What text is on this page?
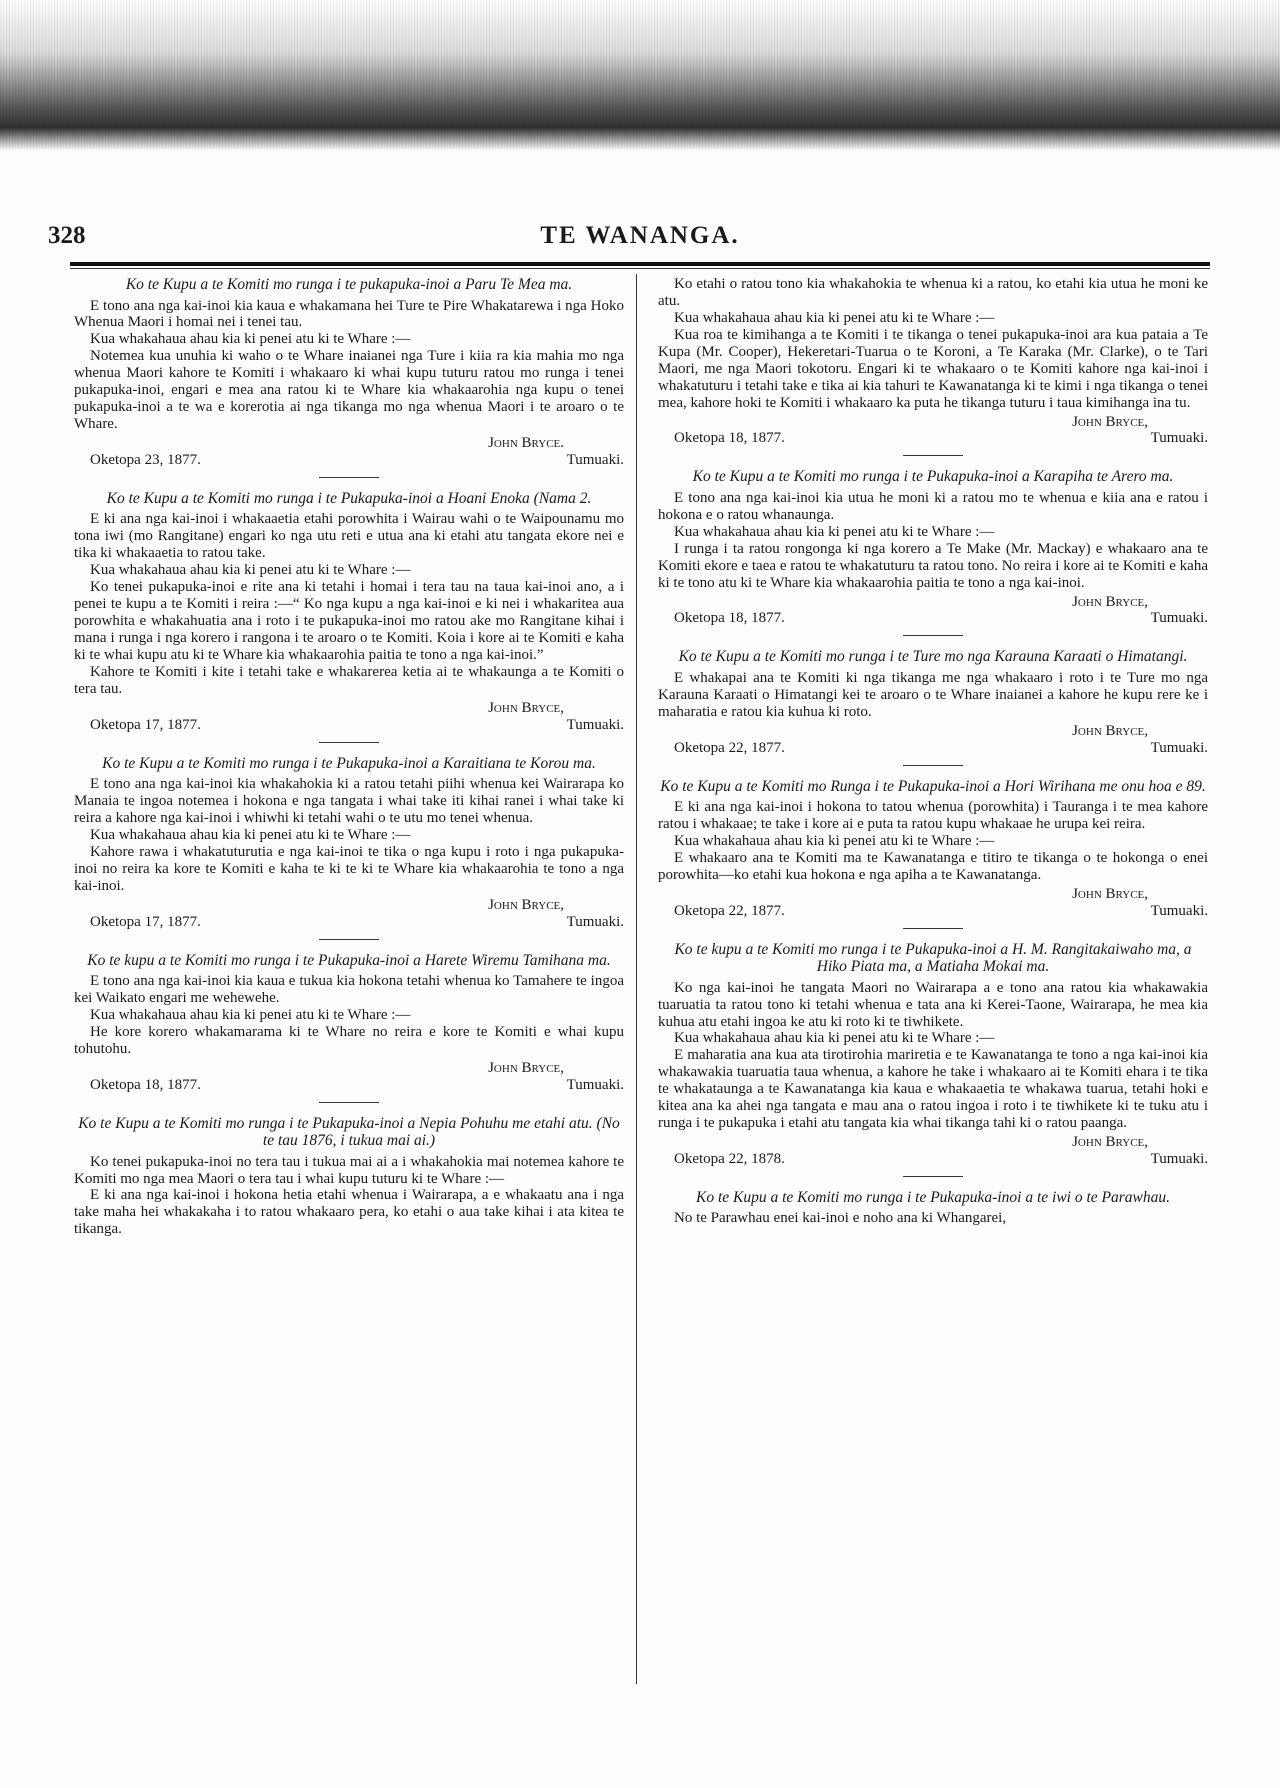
328	TE WANANGA.

Ko te Kupu a te Komiti mo runga i te pukapuka-inoi a Paru Te Mea ma.

E tono ana nga kai-inoi kia kaua e whakamana hei Ture te Pire Whakatarewa i nga Hoko Whenua Maori i homai nei i tenei tau.

Kua whakahaua ahau kia ki penei atu ki te Whare :—

Notemea kua unuhia ki waho o te Whare inaianei nga Ture i kiia ra kia mahia mo nga whenua Maori kahore te Komiti i whakaaro ki whai kupu tuturu ratou mo runga i tenei pukapuka-inoi, engari e mea ana ratou ki te Whare kia whakaarohia nga kupu o tenei pukapuka-inoi a te wa e korerotia ai nga tikanga mo nga whenua Maori i te aroaro o te Whare.

John Bryce.
Oketopa 23, 1877.	Tumuaki.

Ko te Kupu a te Komiti mo runga i te Pukapuka-inoi a Hoani Enoka (Nama 2.

E ki ana nga kai-inoi i whakaaetia etahi porowhita i Wairau wahi o te Waipounamu mo tona iwi (mo Rangitane) engari ko nga utu reti e utua ana ki etahi atu tangata ekore nei e tika ki whakaaetia to ratou take.

Kua whakahaua ahau kia ki penei atu ki te Whare :—

Ko tenei pukapuka-inoi e rite ana ki tetahi i homai i tera tau na taua kai-inoi ano, a i penei te kupu a te Komiti i reira :—“ Ko nga kupu a nga kai-inoi e ki nei i whakaritea aua porowhita e whakahuatia ana i roto i te pukapuka-inoi mo ratou ake mo Rangitane kihai i mana i runga i nga korero i rangona i te aroaro o te Komiti. Koia i kore ai te Komiti e kaha ki te whai kupu atu ki te Whare kia whakaarohia paitia te tono a nga kai-inoi.”

Kahore te Komiti i kite i tetahi take e whakarerea ketia ai te whakaunga a te Komiti o tera tau.

John Bryce,
Oketopa 17, 1877.	Tumuaki.

Ko te Kupu a te Komiti mo runga i te Pukapuka-inoi a Karaitiana te Korou ma.

E tono ana nga kai-inoi kia whakahokia ki a ratou tetahi piihi whenua kei Wairarapa ko Manaia te ingoa notemea i hokona e nga tangata i whai take iti kihai ranei i whai take ki reira a kahore nga kai-inoi i whiwhi ki tetahi wahi o te utu mo tenei whenua.

Kua whakahaua ahau kia ki penei atu ki te Whare :—

Kahore rawa i whakatuturutia e nga kai-inoi te tika o nga kupu i roto i nga pukapuka-inoi no reira ka kore te Komiti e kaha te ki te ki te Whare kia whakaarohia te tono a nga kai-inoi.

John Bryce,
Oketopa 17, 1877.	Tumuaki.

Ko te kupu a te Komiti mo runga i te Pukapuka-inoi a Harete Wiremu Tamihana ma.

E tono ana nga kai-inoi kia kaua e tukua kia hokona tetahi whenua ko Tamahere te ingoa kei Waikato engari me wehewehe.

Kua whakahaua ahau kia ki penei atu ki te Whare :—

He kore korero whakamarama ki te Whare no reira e kore te Komiti e whai kupu tohutohu.

John Bryce,
Oketopa 18, 1877.	Tumuaki.

Ko te Kupu a te Komiti mo runga i te Pukapuka-inoi a Nepia Pohuhu me etahi atu. (No te tau 1876, i tukua mai ai.)

Ko tenei pukapuka-inoi no tera tau i tukua mai ai a i whakahokia mai notemea kahore te Komiti mo nga mea Maori o tera tau i whai kupu tuturu ki te Whare :—

E ki ana nga kai-inoi i hokona hetia etahi whenua i Wairarapa, a e whakaatu ana i nga take maha hei whakakaha i to ratou whakaaro pera, ko etahi o aua take kihai i ata kitea te tikanga.

Ko etahi o ratou tono kia whakahokia te whenua ki a ratou, ko etahi kia utua he moni ke atu.

Kua whakahaua ahau kia ki penei atu ki te Whare :—

Kua roa te kimihanga a te Komiti i te tikanga o tenei pukapuka-inoi ara kua pataia a Te Kupa (Mr. Cooper), Hekeretari-Tuarua o te Koroni, a Te Karaka (Mr. Clarke), o te Tari Maori, me nga Maori tokotoru. Engari ki te whakaaro o te Komiti kahore nga kai-inoi i whakatuturu i tetahi take e tika ai kia tahuri te Kawanatanga ki te kimi i nga tikanga o tenei mea, kahore hoki te Komiti i whakaaro ka puta he tikanga tuturu i taua kimihanga ina tu.

John Bryce,
Oketopa 18, 1877.	Tumuaki.

Ko te Kupu a te Komiti mo runga i te Pukapuka-inoi a Karapiha te Arero ma.

E tono ana nga kai-inoi kia utua he moni ki a ratou mo te whenua e kiia ana e ratou i hokona e o ratou whanaunga.

Kua whakahaua ahau kia ki penei atu ki te Whare :—

I runga i ta ratou rongonga ki nga korero a Te Make (Mr. Mackay) e whakaaro ana te Komiti ekore e taea e ratou te whakatuturu ta ratou tono. No reira i kore ai te Komiti e kaha ki te tono atu ki te Whare kia whakaarohia paitia te tono a nga kai-inoi.

John Bryce,
Oketopa 18, 1877.	Tumuaki.

Ko te Kupu a te Komiti mo runga i te Ture mo nga Karauna Karaati o Himatangi.

E whakapai ana te Komiti ki nga tikanga me nga whakaaro i roto i te Ture mo nga Karauna Karaati o Himatangi kei te aroaro o te Whare inaianei a kahore he kupu rere ke i maharatia e ratou kia kuhua ki roto.

John Bryce,
Oketopa 22, 1877.	Tumuaki.

Ko te Kupu a te Komiti mo Runga i te Pukapuka-inoi a Hori Wirihana me onu hoa e 89.

E ki ana nga kai-inoi i hokona to tatou whenua (porowhita) i Tauranga i te mea kahore ratou i whakaae; te take i kore ai e puta ta ratou kupu whakaae he urupa kei reira.

Kua whakahaua ahau kia ki penei atu ki te Whare :—

E whakaaro ana te Komiti ma te Kawanatanga e titiro te tikanga o te hokonga o enei porowhita—ko etahi kua hokona e nga apiha a te Kawanatanga.

John Bryce,
Oketopa 22, 1877.	Tumuaki.

Ko te kupu a te Komiti mo runga i te Pukapuka-inoi a H. M. Rangitakaiwaho ma, a Hiko Piata ma, a Matiaha Mokai ma.

Ko nga kai-inoi he tangata Maori no Wairarapa a e tono ana ratou kia whakawakia tuaruatia ta ratou tono ki tetahi whenua e tata ana ki Kerei-Taone, Wairarapa, he mea kia kuhua atu etahi ingoa ke atu ki roto ki te tiwhikete.

Kua whakahaua ahau kia ki penei atu ki te Whare :—

E maharatia ana kua ata tirotirohia mariretia e te Kawanatanga te tono a nga kai-inoi kia whakawakia tuaruatia taua whenua, a kahore he take i whakaaro ai te Komiti ehara i te tika te whakataunga a te Kawanatanga kia kaua e whakaaetia te whakawa tuarua, tetahi hoki e kitea ana ka ahei nga tangata e mau ana o ratou ingoa i roto i te tiwhikete ki te tuku atu i runga i te pukapuka i etahi atu tangata kia whai tikanga tahi ki o ratou paanga.

John Bryce,
Oketopa 22, 1878.	Tumuaki.

Ko te Kupu a te Komiti mo runga i te Pukapuka-inoi a te iwi o te Parawhau.

No te Parawhau enei kai-inoi e noho ana ki Whangarei,
